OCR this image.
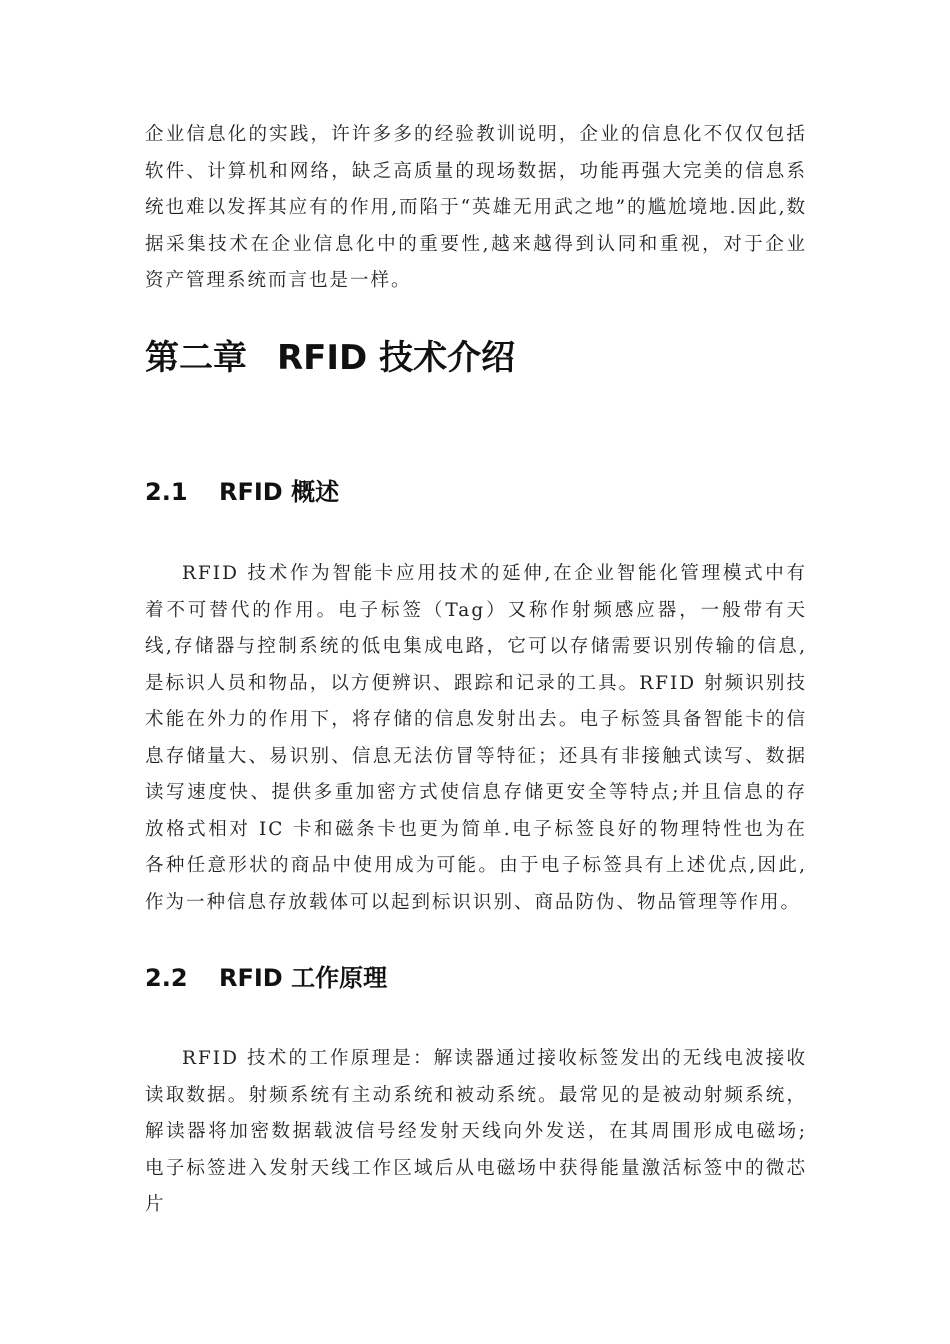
企业信息化的实践，许许多多的经验教训说明，企业的信息化不仅仅包括软件、计算机和网络，缺乏高质量的现场数据，功能再强大完美的信息系统也难以发挥其应有的作用,而陷于“英雄无用武之地”的尴尬境地.因此,数据采集技术在企业信息化中的重要性,越来越得到认同和重视，对于企业资产管理系统而言也是一样。

第二章 RFID 技术介绍
2.1 RFID 概述

RFID 技术作为智能卡应用技术的延伸,在企业智能化管理模式中有着不可替代的作用。电子标签（Tag）又称作射频感应器，一般带有天线,存储器与控制系统的低电集成电路，它可以存储需要识别传输的信息,是标识人员和物品，以方便辨识、跟踪和记录的工具。RFID 射频识别技术能在外力的作用下，将存储的信息发射出去。电子标签具备智能卡的信息存储量大、易识别、信息无法仿冒等特征；还具有非接触式读写、数据读写速度快、提供多重加密方式使信息存储更安全等特点;并且信息的存放格式相对 IC 卡和磁条卡也更为简单.电子标签良好的物理特性也为在各种任意形状的商品中使用成为可能。由于电子标签具有上述优点,因此,作为一种信息存放载体可以起到标识识别、商品防伪、物品管理等作用。

2.2 RFID 工作原理

RFID 技术的工作原理是：解读器通过接收标签发出的无线电波接收读取数据。射频系统有主动系统和被动系统。最常见的是被动射频系统，解读器将加密数据载波信号经发射天线向外发送，在其周围形成电磁场;电子标签进入发射天线工作区域后从电磁场中获得能量激活标签中的微芯片
